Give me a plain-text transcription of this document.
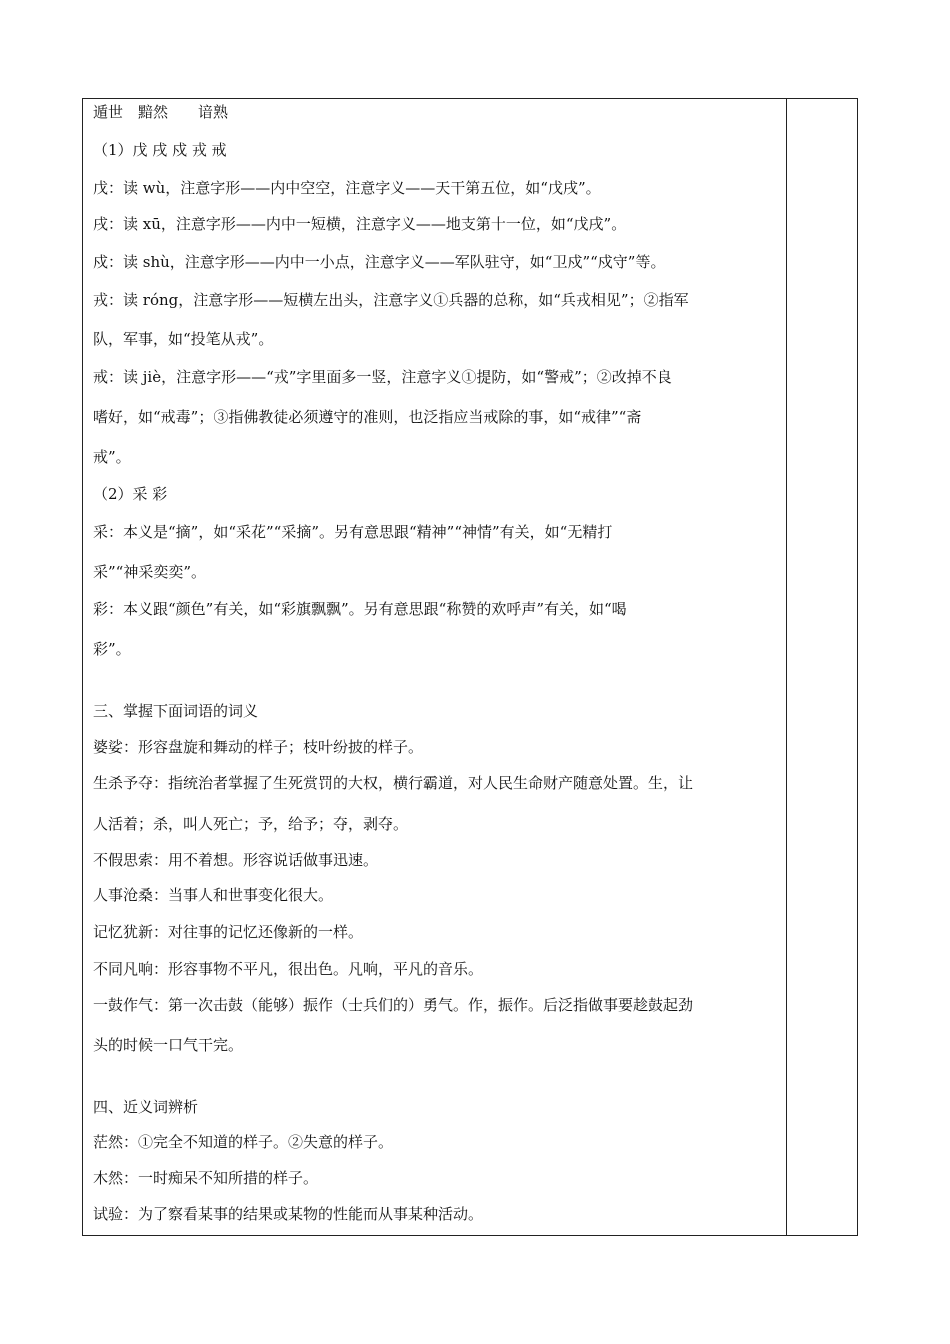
遁世　黯然　　谙熟
（1）戊 戌 戍 戎 戒
戊：读 wù，注意字形——内中空空，注意字义——天干第五位，如“戊戌”。
戌：读 xū，注意字形——内中一短横，注意字义——地支第十一位，如“戊戌”。
戍：读 shù，注意字形——内中一小点，注意字义——军队驻守，如“卫戍”“戍守”等。
戎：读 róng，注意字形——短横左出头，注意字义①兵器的总称，如“兵戎相见”；②指军
队，军事，如“投笔从戎”。
戒：读 jiè，注意字形——“戎”字里面多一竖，注意字义①提防，如“警戒”；②改掉不良
嗜好，如“戒毒”；③指佛教徒必须遵守的准则，也泛指应当戒除的事，如“戒律”“斋
戒”。
（2）采 彩
采：本义是“摘”，如“采花”“采摘”。另有意思跟“精神”“神情”有关，如“无精打
采”“神采奕奕”。
彩：本义跟“颜色”有关，如“彩旗飘飘”。另有意思跟“称赞的欢呼声”有关，如“喝
彩”。
三、掌握下面词语的词义
婆娑：形容盘旋和舞动的样子；枝叶纷披的样子。
生杀予夺：指统治者掌握了生死赏罚的大权，横行霸道，对人民生命财产随意处置。生，让
人活着；杀，叫人死亡；予，给予；夺，剥夺。
不假思索：用不着想。形容说话做事迅速。
人事沧桑：当事人和世事变化很大。
记忆犹新：对往事的记忆还像新的一样。
不同凡响：形容事物不平凡，很出色。凡响，平凡的音乐。
一鼓作气：第一次击鼓（能够）振作（士兵们的）勇气。作，振作。后泛指做事要趁鼓起劲
头的时候一口气干完。
四、近义词辨析
茫然：①完全不知道的样子。②失意的样子。
木然：一时痴呆不知所措的样子。
试验：为了察看某事的结果或某物的性能而从事某种活动。
